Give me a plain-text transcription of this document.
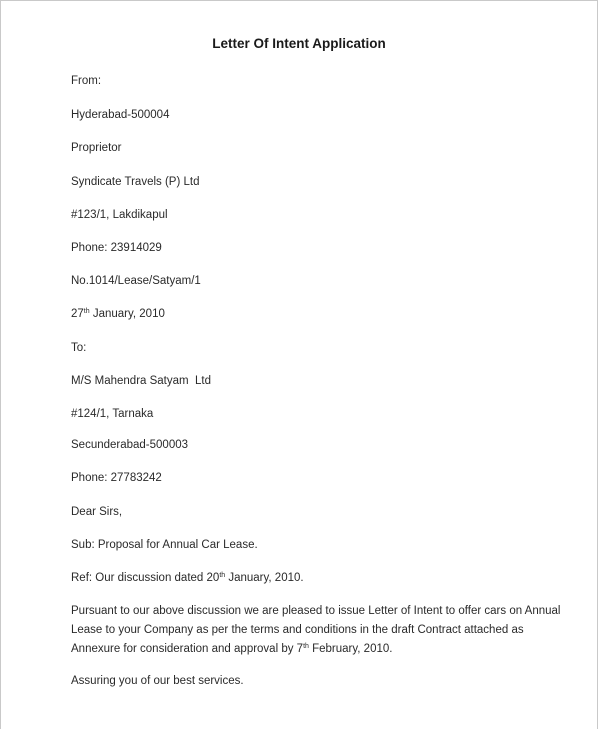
Letter Of Intent Application

From:

Hyderabad-500004

Proprietor

Syndicate Travels (P) Ltd

#123/1, Lakdikapul

Phone: 23914029

No.1014/Lease/Satyam/1

27th January, 2010

To:

M/S Mahendra Satyam  Ltd

#124/1, Tarnaka

Secunderabad-500003

Phone: 27783242

Dear Sirs,

Sub: Proposal for Annual Car Lease.

Ref: Our discussion dated 20th January, 2010.

Pursuant to our above discussion we are pleased to issue Letter of Intent to offer cars on Annual Lease to your Company as per the terms and conditions in the draft Contract attached as Annexure for consideration and approval by 7th February, 2010.

Assuring you of our best services.
